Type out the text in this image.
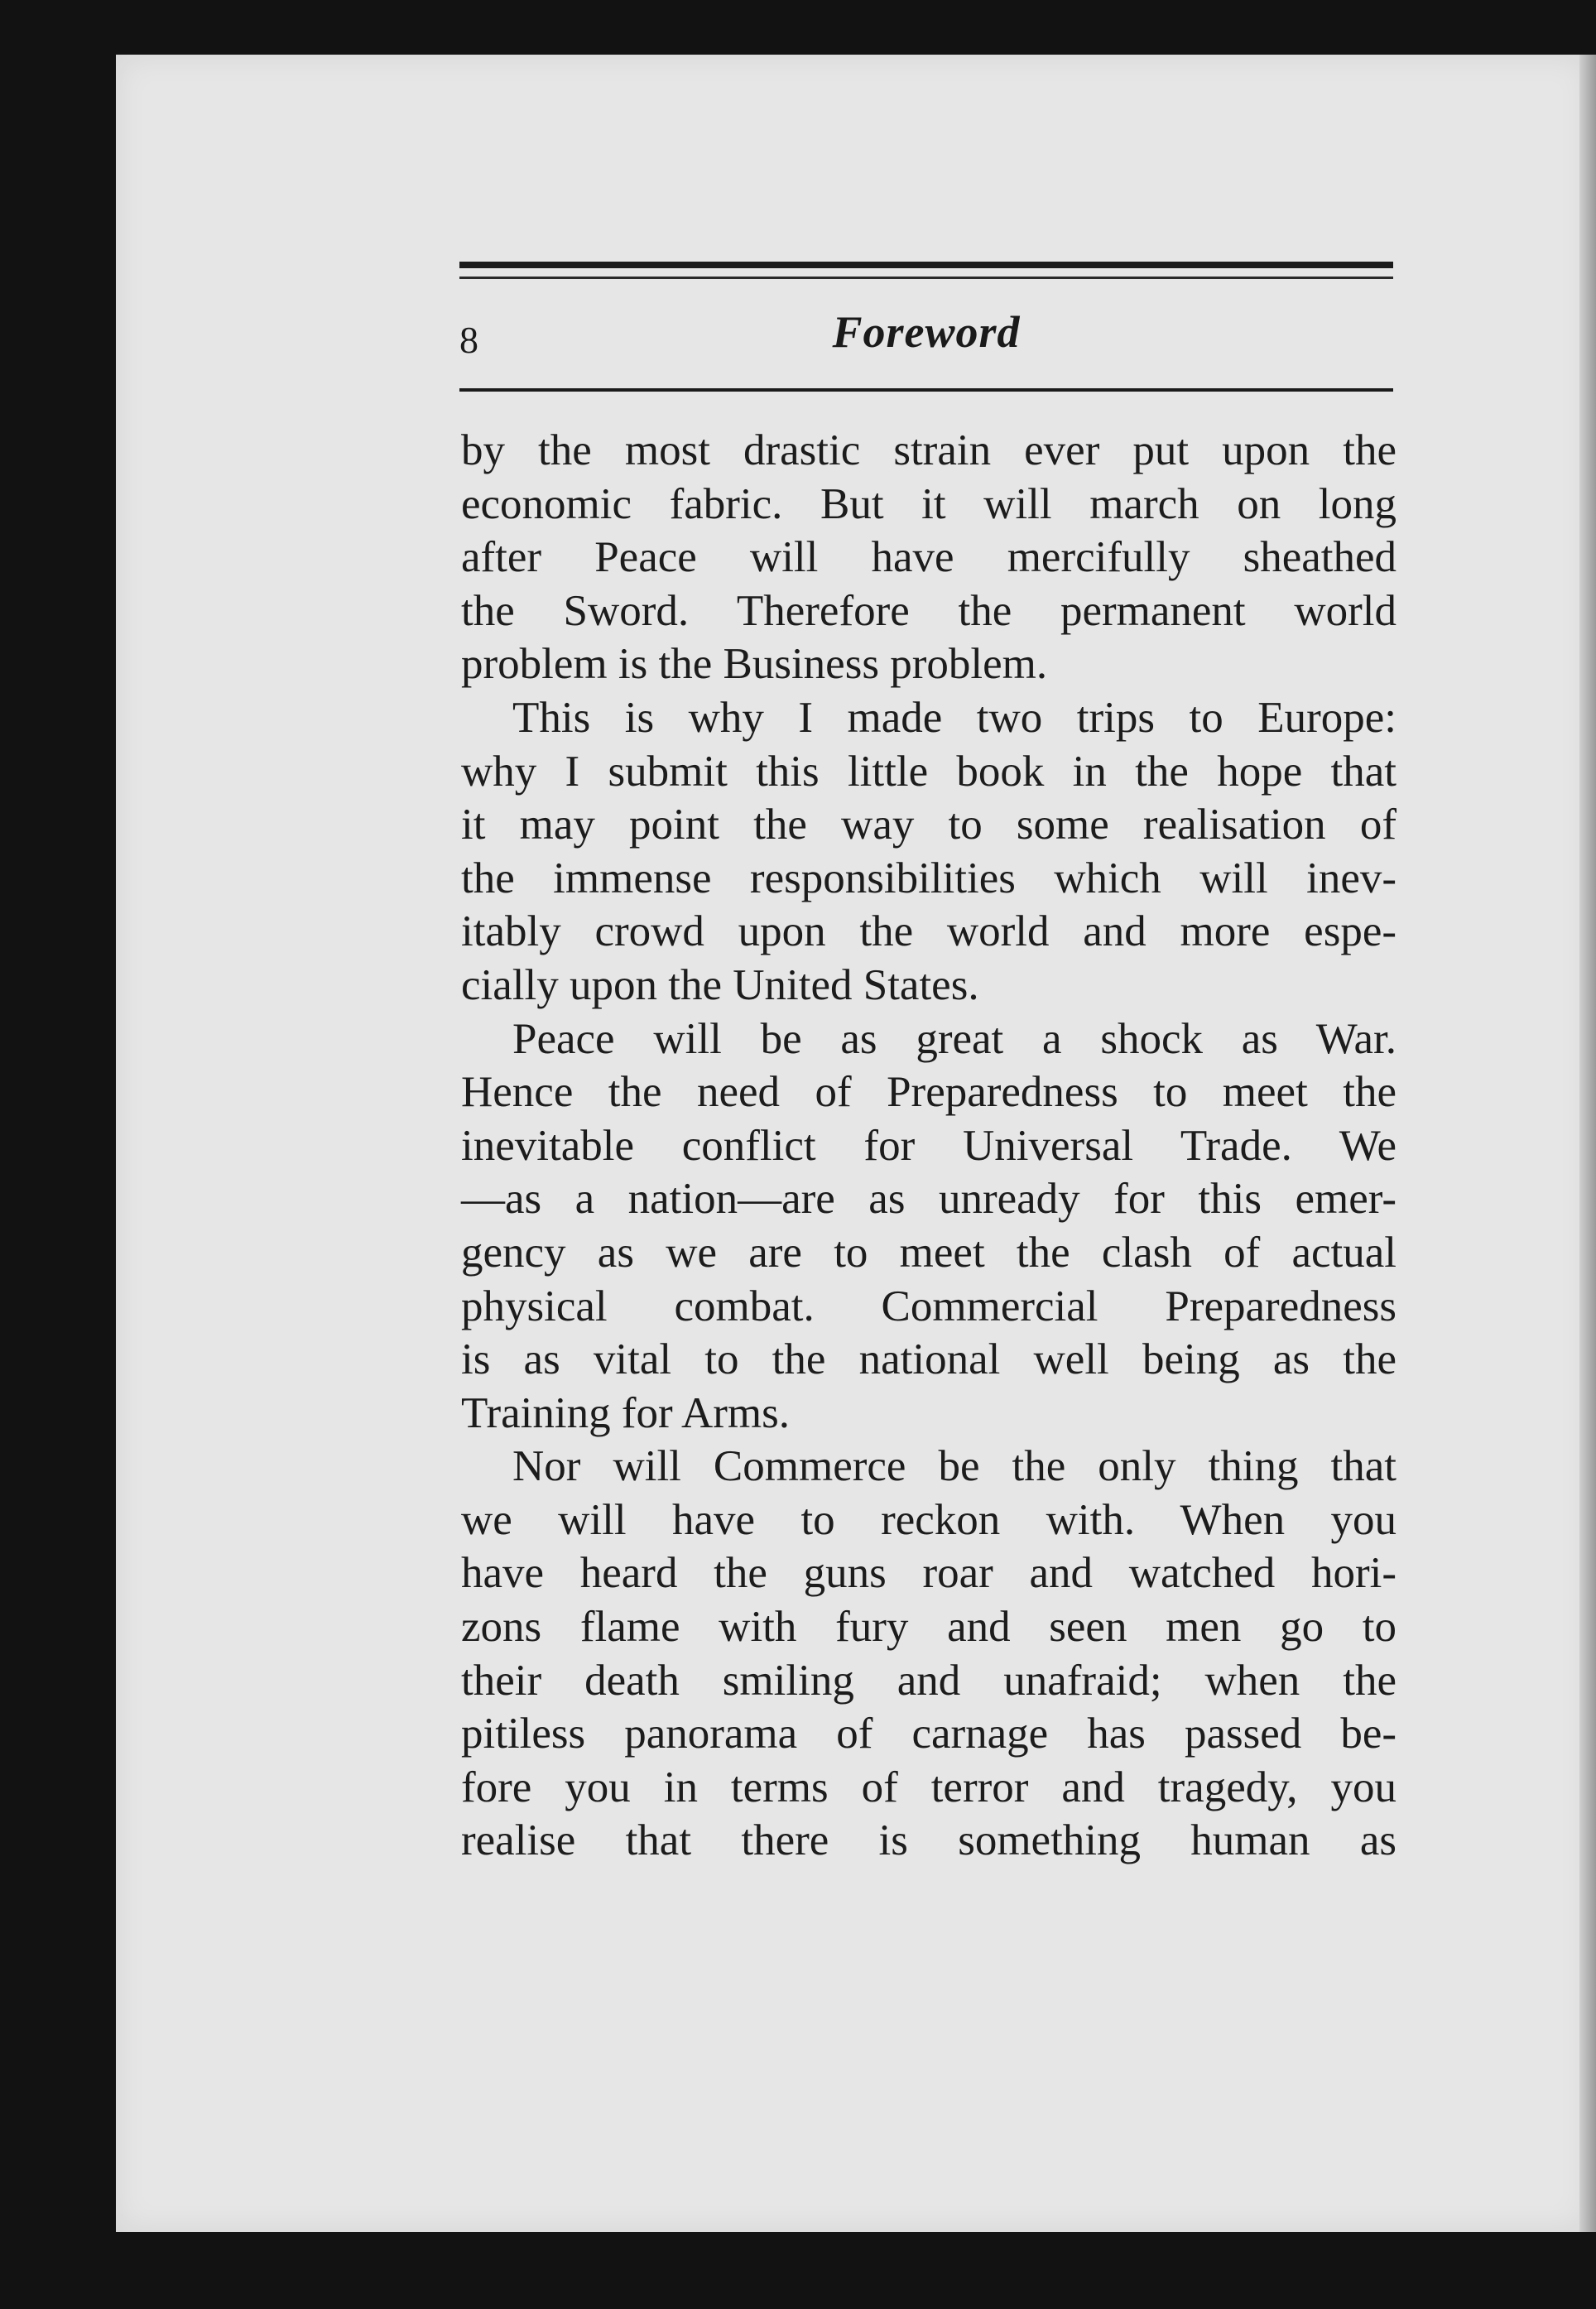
8	Foreword
by the most drastic strain ever put upon the
economic fabric. But it will march on long
after Peace will have mercifully sheathed
the Sword. Therefore the permanent world
problem is the Business problem.
This is why I made two trips to Europe:
why I submit this little book in the hope that
it may point the way to some realisation of
the immense responsibilities which will inev-
itably crowd upon the world and more espe-
cially upon the United States.
Peace will be as great a shock as War.
Hence the need of Preparedness to meet the
inevitable conflict for Universal Trade. We
—as a nation—are as unready for this emer-
gency as we are to meet the clash of actual
physical combat. Commercial Preparedness
is as vital to the national well being as the
Training for Arms.
Nor will Commerce be the only thing that
we will have to reckon with. When you
have heard the guns roar and watched hori-
zons flame with fury and seen men go to
their death smiling and unafraid; when the
pitiless panorama of carnage has passed be-
fore you in terms of terror and tragedy, you
realise that there is something human as
